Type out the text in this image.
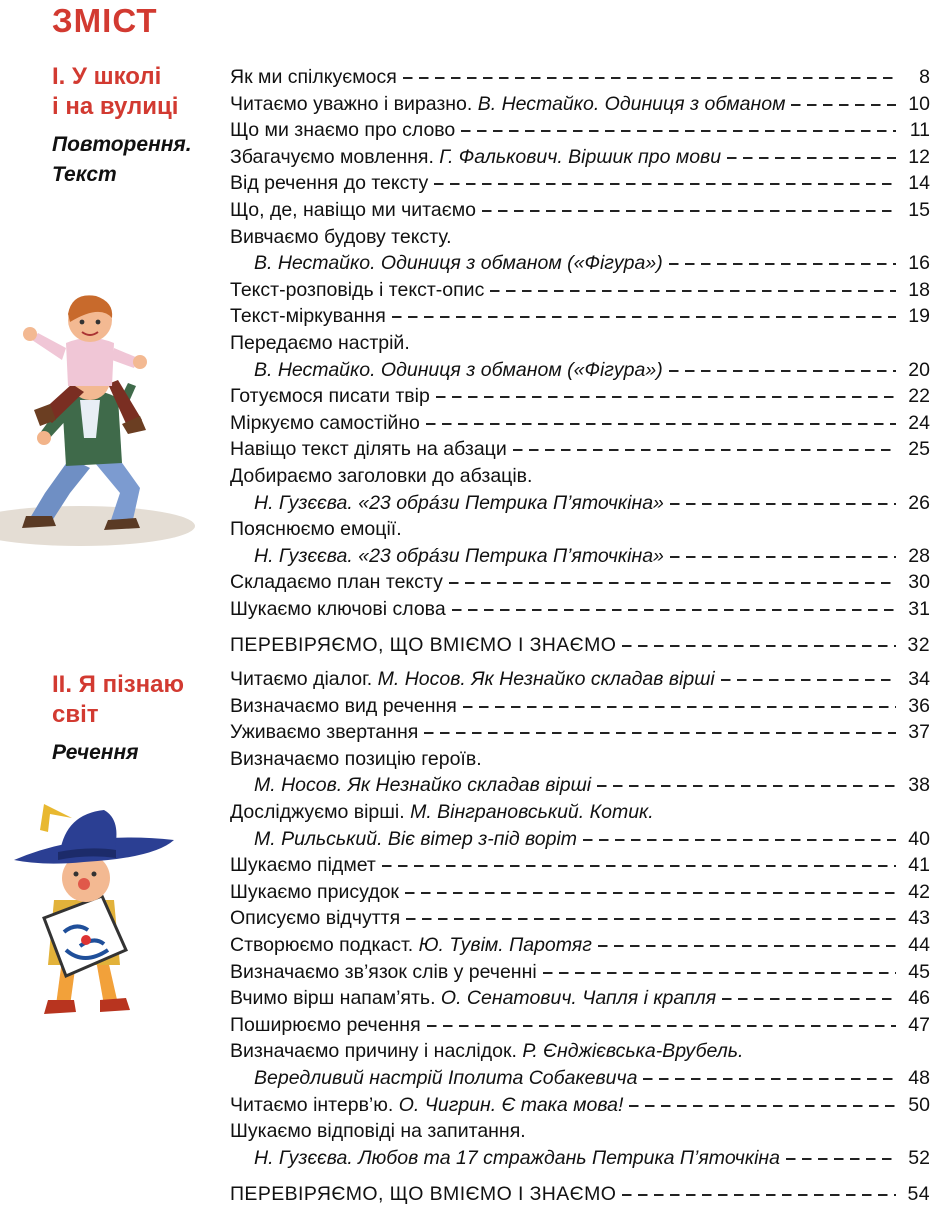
ЗМІСТ
І. У школі
і на вулиці
Повторення.
Текст
ІІ. Я пізнаю
світ
Речення
Як ми спілкуємося	8
Читаємо уважно і виразно. В. Нестайко. Одиниця з обманом	10
Що ми знаємо про слово	11
Збагачуємо мовлення. Г. Фалькович. Віршик про мови	12
Від речення до тексту	14
Що, де, навіщо ми читаємо	15
Вивчаємо будову тексту.
В. Нестайко. Одиниця з обманом («Фігура»)	16
Текст-розповідь і текст-опис	18
Текст-міркування	19
Передаємо настрій.
В. Нестайко. Одиниця з обманом («Фігура»)	20
Готуємося писати твір	22
Міркуємо самостійно	24
Навіщо текст ділять на абзаци	25
Добираємо заголовки до абзаців.
Н. Гузєєва. «23 обрáзи Петрика П’яточкіна»	26
Пояснюємо емоції.
Н. Гузєєва. «23 обрáзи Петрика П’яточкіна»	28
Складаємо план тексту	30
Шукаємо ключові слова	31
ПЕРЕВІРЯЄМО, ЩО ВМІЄМО І ЗНАЄМО	32
Читаємо діалог. М. Носов. Як Незнайко складав вірші	34
Визначаємо вид речення	36
Уживаємо звертання	37
Визначаємо позицію героїв.
М. Носов. Як Незнайко складав вірші	38
Досліджуємо вірші. М. Вінграновський. Котик.
М. Рильський. Віє вітер з-під воріт	40
Шукаємо підмет	41
Шукаємо присудок	42
Описуємо відчуття	43
Створюємо подкаст. Ю. Тувім. Паротяг	44
Визначаємо зв’язок слів у реченні	45
Вчимо вірш напам’ять. О. Сенатович. Чапля і крапля	46
Поширюємо речення	47
Визначаємо причину і наслідок. Р. Єнджієвська-Врубель.
Вередливий настрій Іполита Собакевича	48
Читаємо інтерв’ю. О. Чигрин. Є така мова!	50
Шукаємо відповіді на запитання.
Н. Гузєєва. Любов та 17 страждань Петрика П’яточкіна	52
ПЕРЕВІРЯЄМО, ЩО ВМІЄМО І ЗНАЄМО	54
